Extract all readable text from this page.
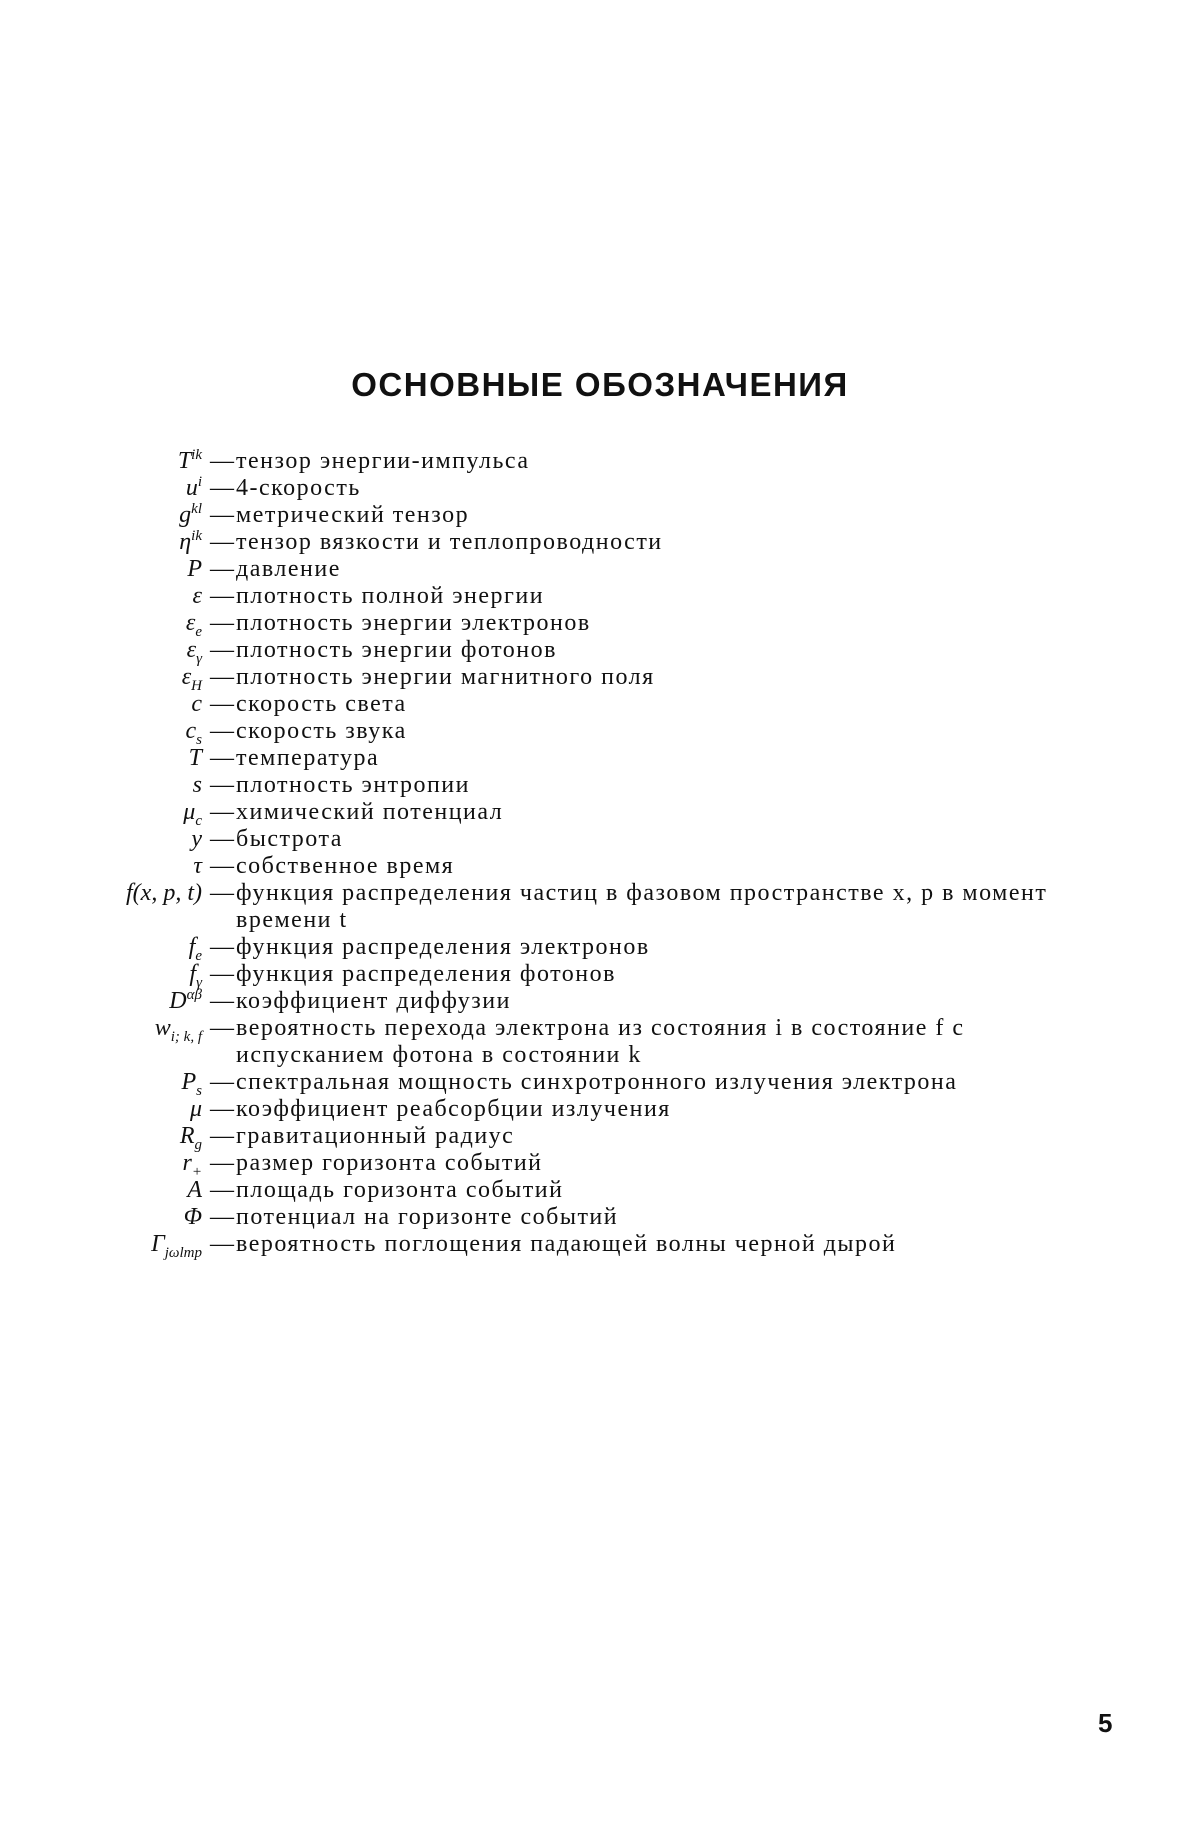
ОСНОВНЫЕ ОБОЗНАЧЕНИЯ
$T^{ik}$ — тензор энергии-импульса
$u^i$ — 4-скорость
$g^{kl}$ — метрический тензор
$\eta^{ik}$ — тензор вязкости и теплопроводности
P — давление
ε — плотность полной энергии
$\varepsilon_e$ — плотность энергии электронов
$\varepsilon_\gamma$ — плотность энергии фотонов
$\varepsilon_H$ — плотность энергии магнитного поля
c — скорость света
$c_s$ — скорость звука
T — температура
s — плотность энтропии
$\mu_c$ — химический потенциал
y — быстрота
τ — собственное время
f(x, p, t) — функция распределения частиц в фазовом пространстве x, p в момент времени t
$f_e$ — функция распределения электронов
$f_\gamma$ — функция распределения фотонов
$D^{\alpha\beta}$ — коэффициент диффузии
$w_{i; k, f}$ — вероятность перехода электрона из состояния i в состояние f с испусканием фотона в состоянии k
$P_s$ — спектральная мощность синхротронного излучения электрона
μ — коэффициент реабсорбции излучения
$R_g$ — гравитационный радиус
$r_+$ — размер горизонта событий
A — площадь горизонта событий
Φ — потенциал на горизонте событий
$\Gamma_{j\omega lmp}$ — вероятность поглощения падающей волны черной дырой
5
